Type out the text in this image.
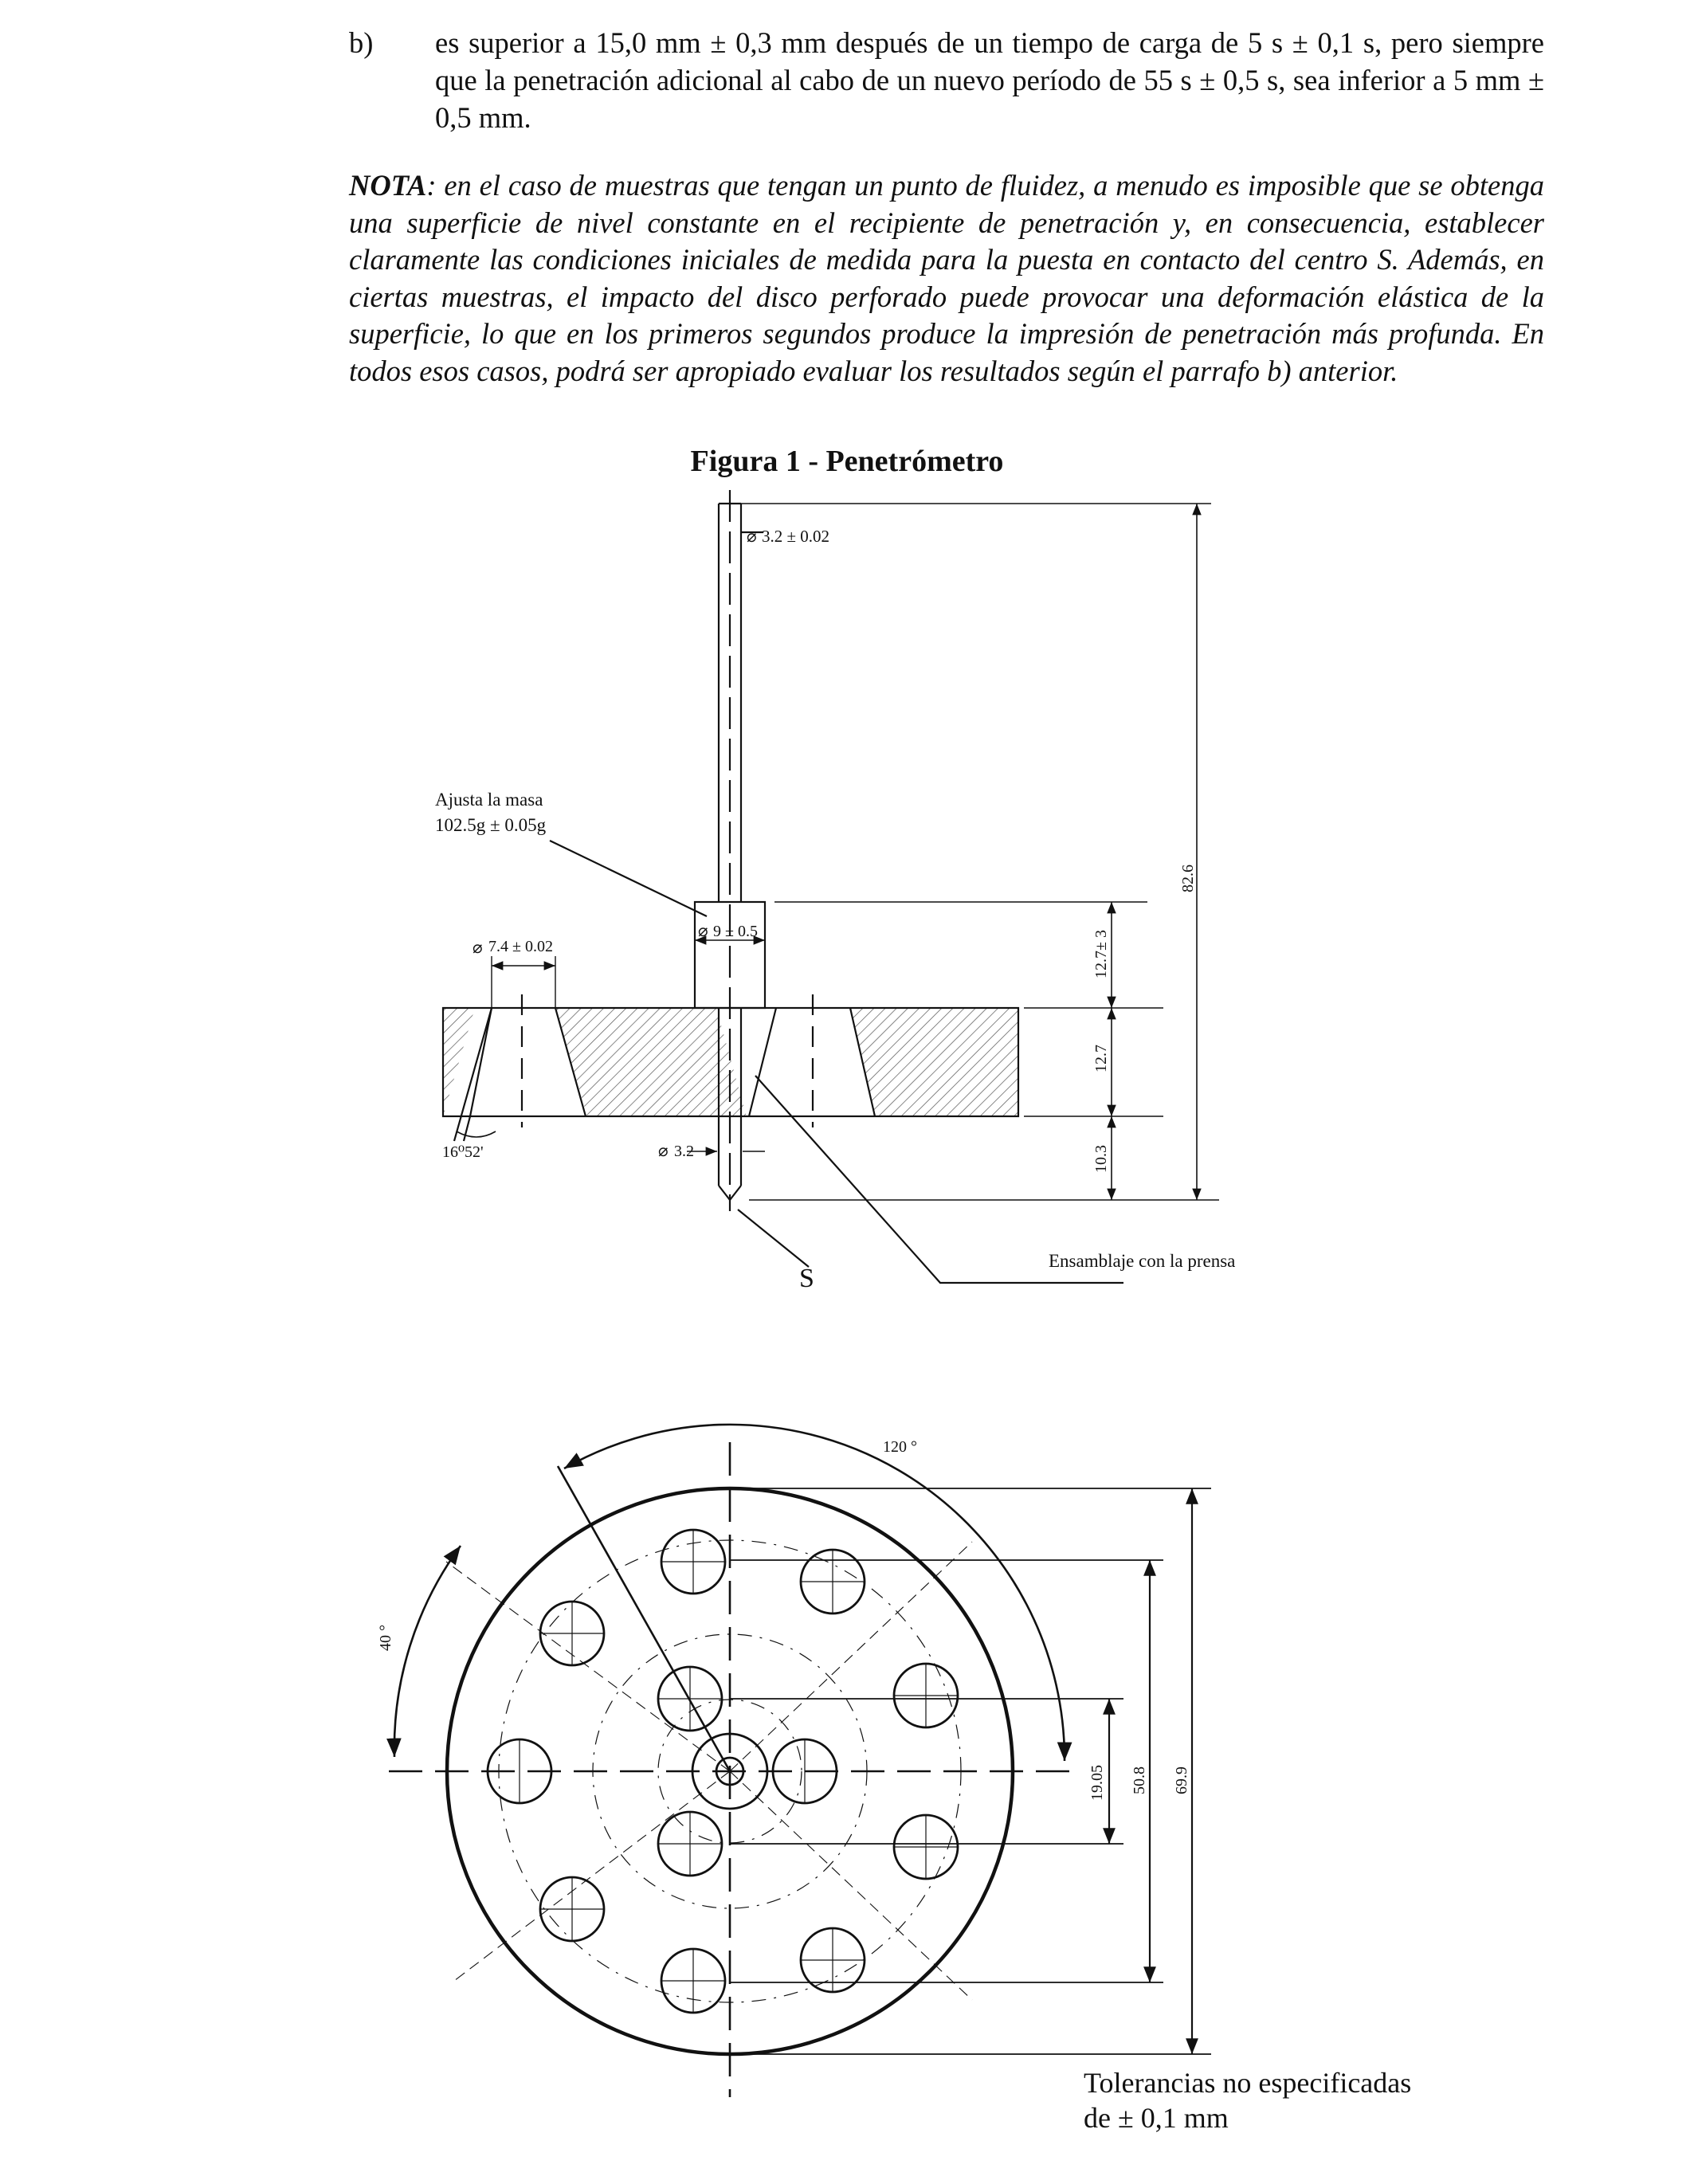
b) es superior a 15,0 mm ± 0,3 mm después de un tiempo de carga de 5 s ± 0,1 s, pero siempre que la penetración adicional al cabo de un nuevo período de 55 s ± 0,5 s, sea inferior a 5 mm ± 0,5 mm.
NOTA: en el caso de muestras que tengan un punto de fluidez, a menudo es imposible que se obtenga una superficie de nivel constante en el recipiente de penetración y, en consecuencia, establecer claramente las condiciones iniciales de medida para la puesta en contacto del centro S. Además, en ciertas muestras, el impacto del disco perforado puede provocar una deformación elástica de la superficie, lo que en los primeros segundos produce la impresión de penetración más profunda. En todos esos casos, podrá ser apropiado evaluar los resultados según el parrafo b) anterior.
Figura 1 - Penetrómetro
⌀ 3.2 ± 0.02
Ajusta la masa
102.5g ± 0.05g
⌀ 9 ± 0.5
⌀ 7.4 ± 0.02
16⁰52'	⌀ 3.2
S
Ensamblaje con la prensa
82.6
12.7± 3
12.7
10.3
120 °
40 °
19.05 50.8 69.9
Tolerancias no especificadas
de ± 0,1 mm
